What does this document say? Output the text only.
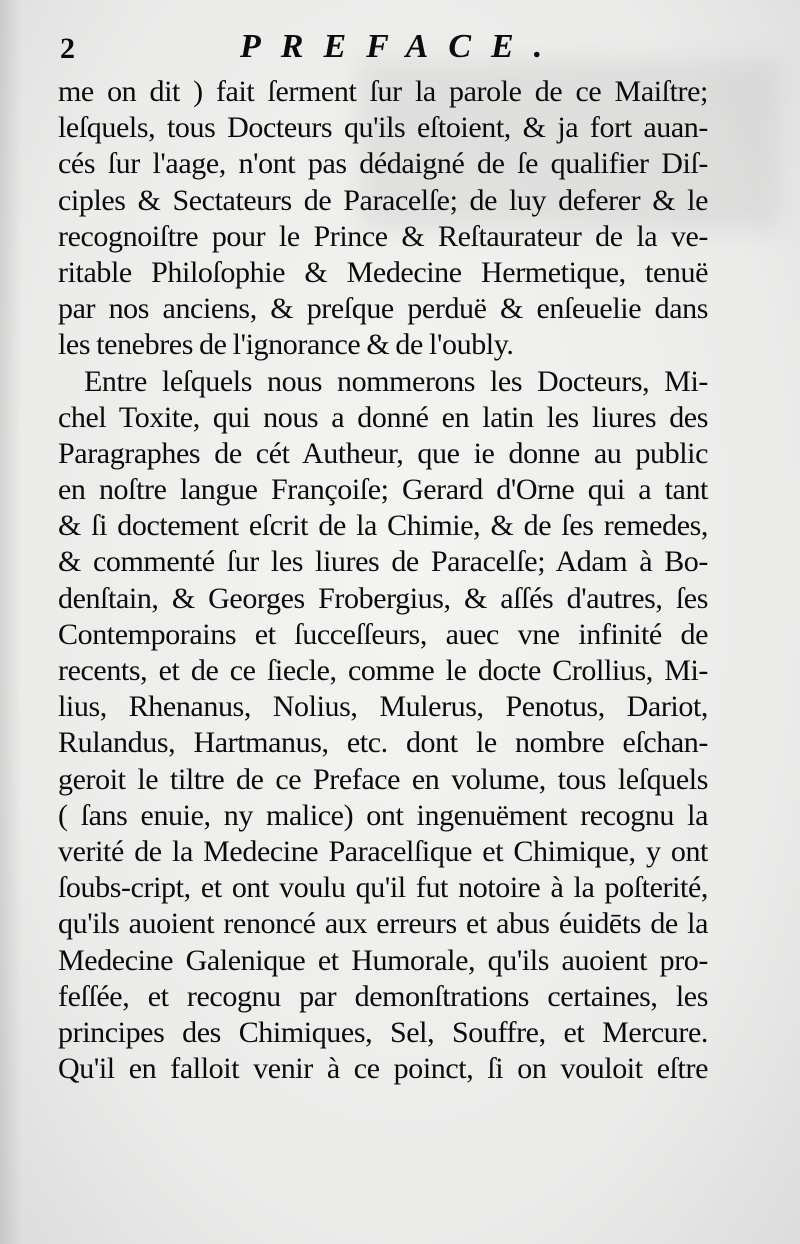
2	PREFACE.
me on dit ) fait ſerment ſur la parole de ce Maiſtre;
leſquels, tous Docteurs qu'ils eſtoient, & ja fort auan-
cés ſur l'aage, n'ont pas dédaigné de ſe qualifier Diſ-
ciples & Sectateurs de Paracelſe; de luy deferer & le
recognoiſtre pour le Prince & Reſtaurateur de la ve-
ritable Philoſophie & Medecine Hermetique, tenuë
par nos anciens, & preſque perduë & enſeuelie dans
les tenebres de l'ignorance & de l'oubly.
Entre leſquels nous nommerons les Docteurs, Mi-
chel Toxite, qui nous a donné en latin les liures des
Paragraphes de cét Autheur, que ie donne au public
en noſtre langue Françoiſe; Gerard d'Orne qui a tant
& ſi doctement eſcrit de la Chimie, & de ſes remedes,
& commenté ſur les liures de Paracelſe; Adam à Bo-
denſtain, & Georges Frobergius, & aſſés d'autres, ſes
Contemporains et ſucceſſeurs, auec vne infinité de
recents, et de ce ſiecle, comme le docte Crollius, Mi-
lius, Rhenanus, Nolius, Mulerus, Penotus, Dariot,
Rulandus, Hartmanus, etc. dont le nombre eſchan-
geroit le tiltre de ce Preface en volume, tous leſquels
( ſans enuie, ny malice) ont ingenuëment recognu la
verité de la Medecine Paracelſique et Chimique, y ont
ſoubs-cript, et ont voulu qu'il fut notoire à la poſterité,
qu'ils auoient renoncé aux erreurs et abus éuidēts de la
Medecine Galenique et Humorale, qu'ils auoient pro-
feſſée, et recognu par demonſtrations certaines, les
principes des Chimiques, Sel, Souffre, et Mercure.
Qu'il en falloit venir à ce poinct, ſi on vouloit eſtre
